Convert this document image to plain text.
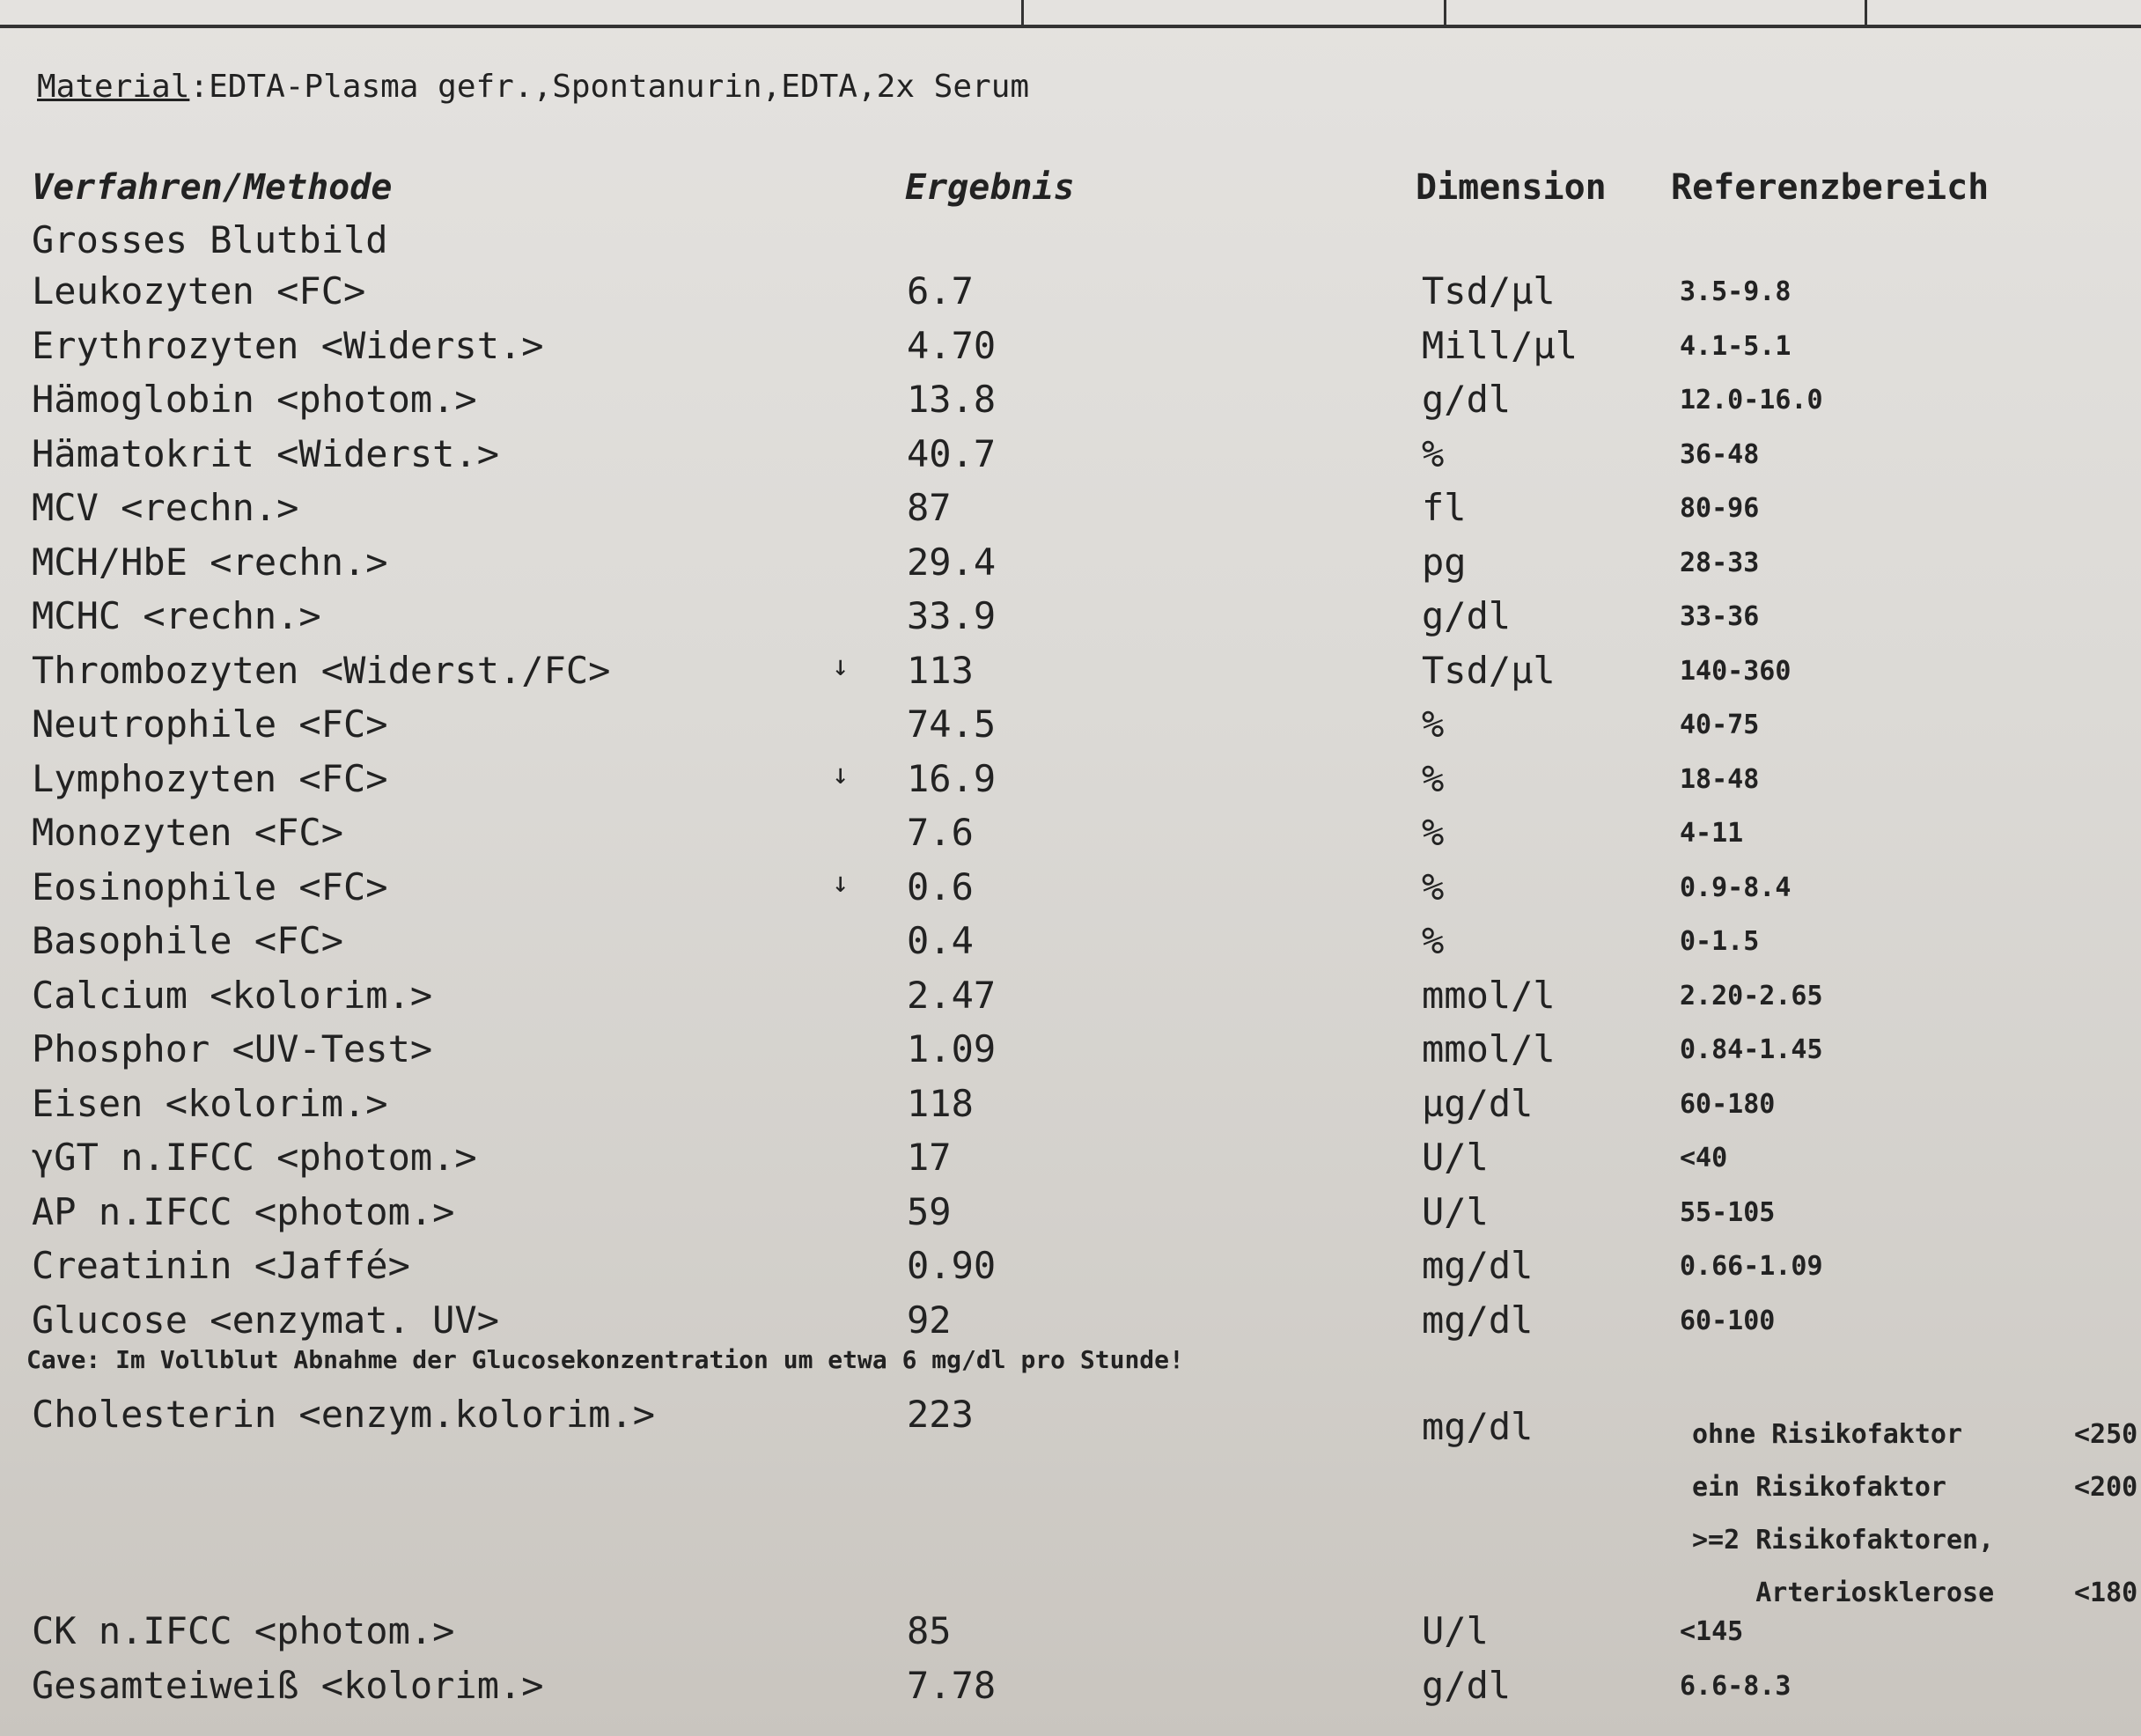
Material:EDTA-Plasma gefr.,Spontanurin,EDTA,2x Serum
Verfahren/Methode	Ergebnis	Dimension Referenzbereich
Grosses Blutbild
Leukozyten <FC>	6.7	Tsd/µl	3.5-9.8
Erythrozyten <Widerst.>	4.70	Mill/µl	4.1-5.1
Hämoglobin <photom.>	13.8	g/dl	12.0-16.0
Hämatokrit <Widerst.>	40.7	%	36-48
MCV <rechn.>	87	fl	80-96
MCH/HbE <rechn.>	29.4	pg	28-33
MCHC <rechn.>	33.9	g/dl	33-36
Thrombozyten <Widerst./FC>	↓ 113	Tsd/µl	140-360
Neutrophile <FC>	74.5	%	40-75
Lymphozyten <FC>	↓ 16.9	%	18-48
Monozyten <FC>	7.6	%	4-11
Eosinophile <FC>	↓ 0.6	%	0.9-8.4
Basophile <FC>	0.4	%	0-1.5
Calcium <kolorim.>	2.47	mmol/l	2.20-2.65
Phosphor <UV-Test>	1.09	mmol/l	0.84-1.45
Eisen <kolorim.>	118	µg/dl	60-180
γGT n.IFCC <photom.>	17	U/l	<40
AP n.IFCC <photom.>	59	U/l	55-105
Creatinin <Jaffé>	0.90	mg/dl	0.66-1.09
Glucose <enzymat. UV>	92	mg/dl	60-100
Cave: Im Vollblut Abnahme der Glucosekonzentration um etwa 6 mg/dl pro Stunde!
Cholesterin <enzym.kolorim.>	223	mg/dl	ohne Risikofaktor	<250
ein Risikofaktor	<200
>=2 Risikofaktoren,
Arteriosklerose	<180
CK n.IFCC <photom.>	85	U/l	<145
Gesamteiweiß <kolorim.>	7.78	g/dl	6.6-8.3
